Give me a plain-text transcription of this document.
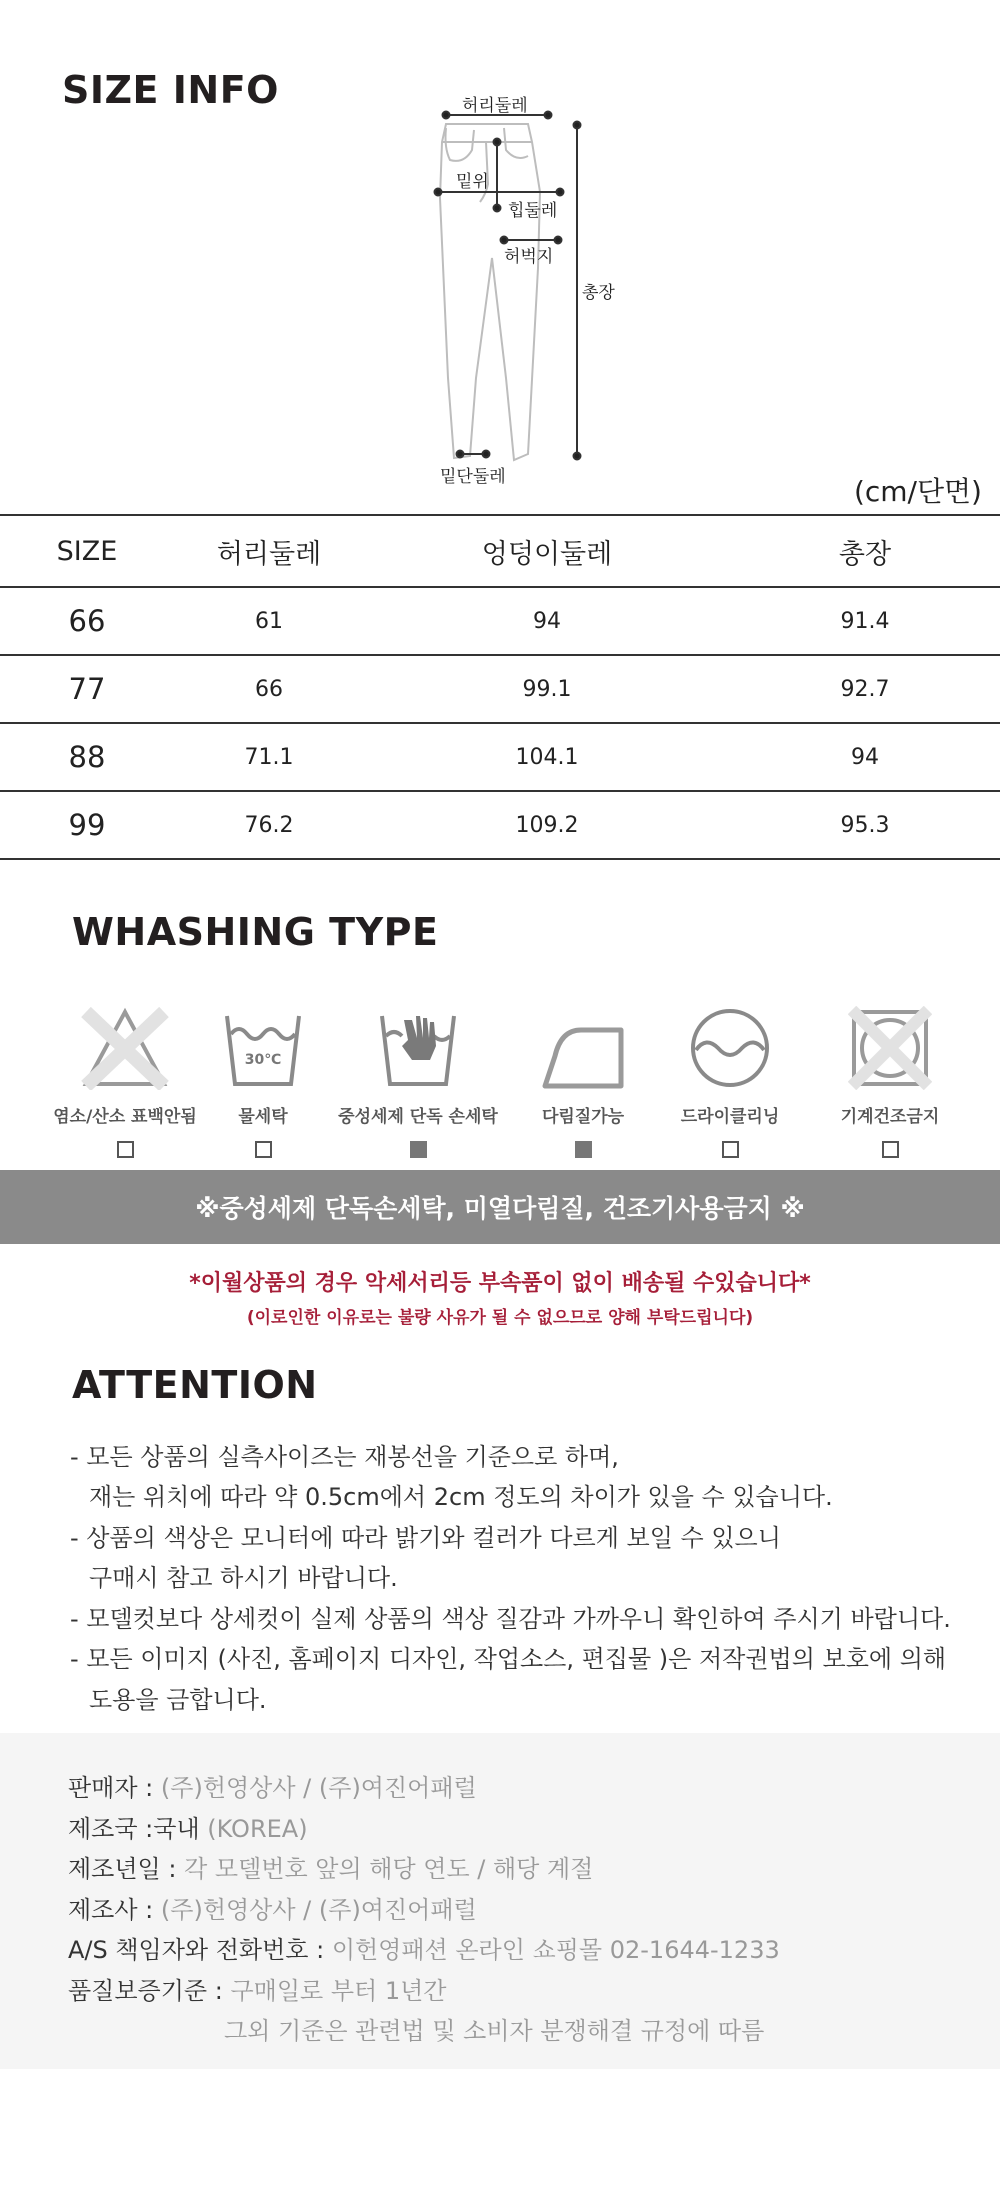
SIZE INFO	허리둘레
밑위
힙둘레
허벅지
총장
밑단둘레	(cm/단면)
SIZE	허리둘레	엉덩이둘레	총장
66	61	94	91.4
77	66	99.1	92.7
88	71.1	104.1	94
99	76.2	109.2	95.3
WHASHING TYPE
염소/산소 표백안됨
30℃
물세탁	중성세제 단독 손세탁	다림질가능	드라이클리닝	기계건조금지
※중성세제 단독손세탁, 미열다림질, 건조기사용금지 ※
*이월상품의 경우 악세서리등 부속품이 없이 배송될 수있습니다*
(이로인한 이유로는 불량 사유가 될 수 없으므로 양해 부탁드립니다)
ATTENTION
- 모든 상품의 실측사이즈는 재봉선을 기준으로 하며,
재는 위치에 따라 약 0.5cm에서 2cm 정도의 차이가 있을 수 있습니다.
- 상품의 색상은 모니터에 따라 밝기와 컬러가 다르게 보일 수 있으니
구매시 참고 하시기 바랍니다.
- 모델컷보다 상세컷이 실제 상품의 색상 질감과 가까우니 확인하여 주시기 바랍니다.
- 모든 이미지 (사진, 홈페이지 디자인, 작업소스, 편집물 )은 저작권법의 보호에 의해
도용을 금합니다.
판매자 : (주)헌영상사 / (주)여진어패럴
제조국 :국내 (KOREA)
제조년일 : 각 모델번호 앞의 해당 연도 / 해당 계절
제조사 : (주)헌영상사 / (주)여진어패럴
A/S 책임자와 전화번호 : 이헌영패션 온라인 쇼핑몰 02-1644-1233
품질보증기준 : 구매일로 부터 1년간
그외 기준은 관련법 및 소비자 분쟁해결 규정에 따름
